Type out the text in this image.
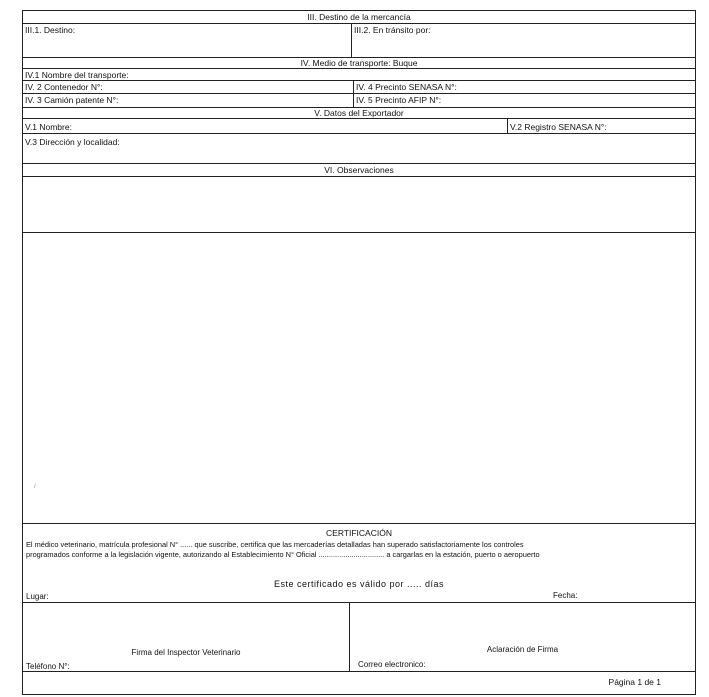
III. Destino de la mercancía
III.1. Destino:	III.2. En tránsito por:
IV. Medio de transporte: Buque
IV.1 Nombre del transporte:
IV. 2 Contenedor N°:	IV. 4 Precinto SENASA N°:
IV. 3 Camión patente N°:	IV. 5 Precinto AFIP N°:
V. Datos del Exportador
V.1 Nombre:	V.2 Registro SENASA N°:
V.3 Dirección y localidad:
VI. Observaciones
CERTIFICACIÓN
El médico veterinario, matrícula profesional N° ...... que suscribe, certifica que las mercaderías detalladas han superado satisfactoriamente los controles
programados conforme a la legislación vigente, autorizando al Establecimiento N° Oficial ................................ a cargarlas en la estación, puerto o aeropuerto
Este certificado es válido por ..... días
Lugar:	Fecha:
Firma del Inspector Veterinario
Teléfono N°:
Aclaración de Firma
Correo electronico:
Página 1 de 1
/
